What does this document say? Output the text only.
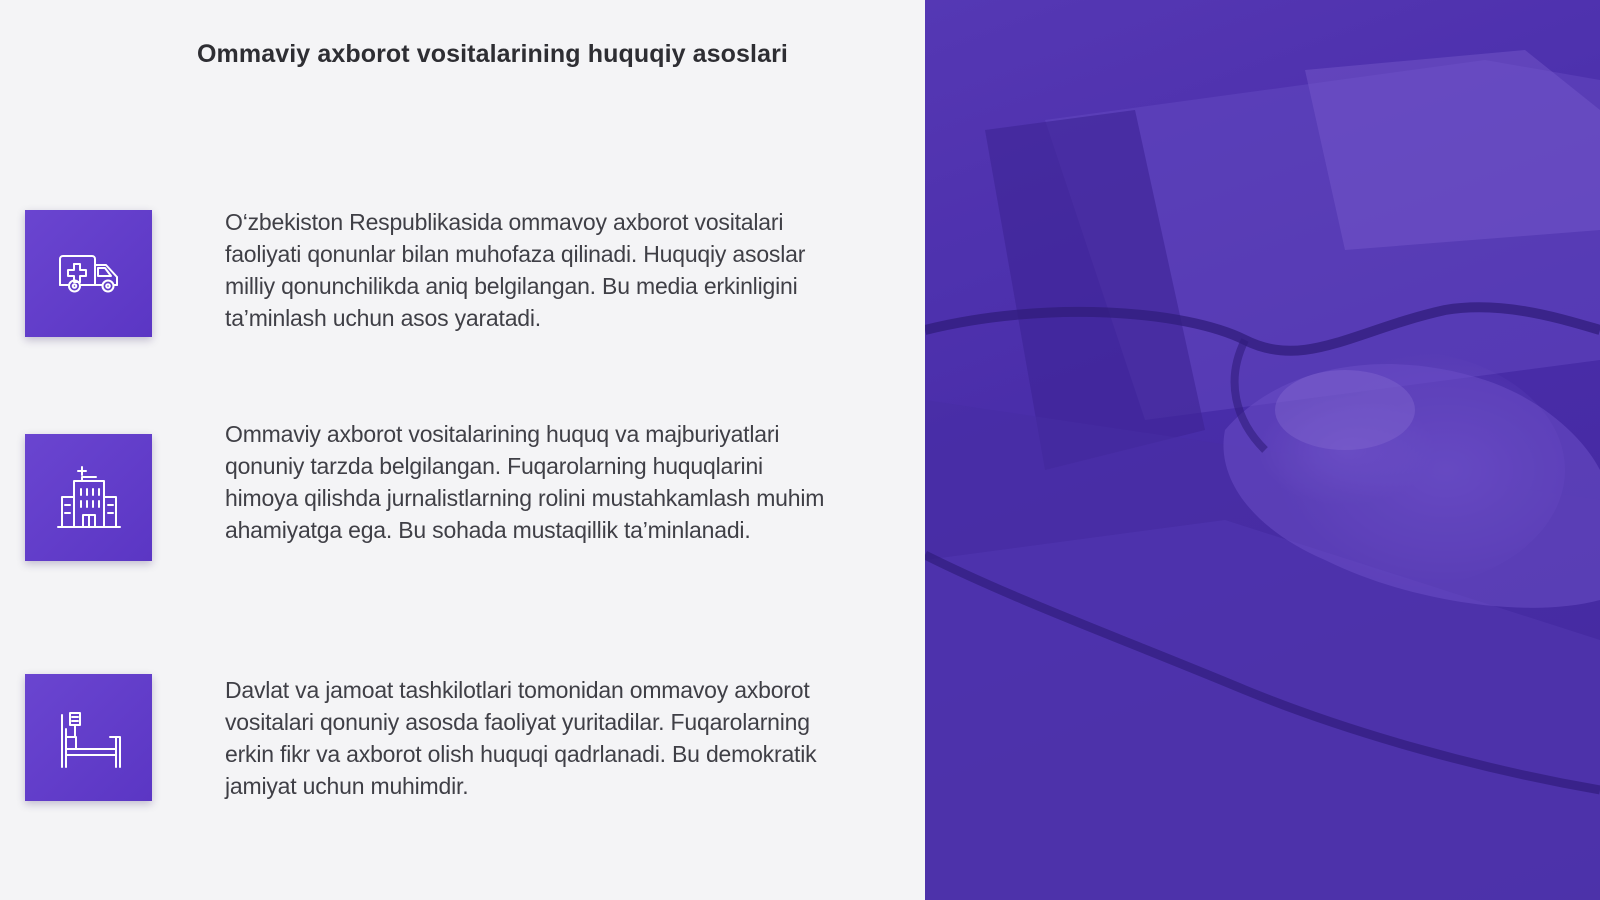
Ommaviy axborot vositalarining huquqiy asoslari
O‘zbekiston Respublikasida ommavoy axborot vositalari faoliyati qonunlar bilan muhofaza qilinadi. Huquqiy asoslar milliy qonunchilikda aniq belgilangan. Bu media erkinligini ta’minlash uchun asos yaratadi.
Ommaviy axborot vositalarining huquq va majburiyatlari qonuniy tarzda belgilangan. Fuqarolarning huquqlarini himoya qilishda jurnalistlarning rolini mustahkamlash muhim ahamiyatga ega. Bu sohada mustaqillik ta’minlanadi.
Davlat va jamoat tashkilotlari tomonidan ommavoy axborot vositalari qonuniy asosda faoliyat yuritadilar. Fuqarolarning erkin fikr va axborot olish huquqi qadrlanadi. Bu demokratik jamiyat uchun muhimdir.
